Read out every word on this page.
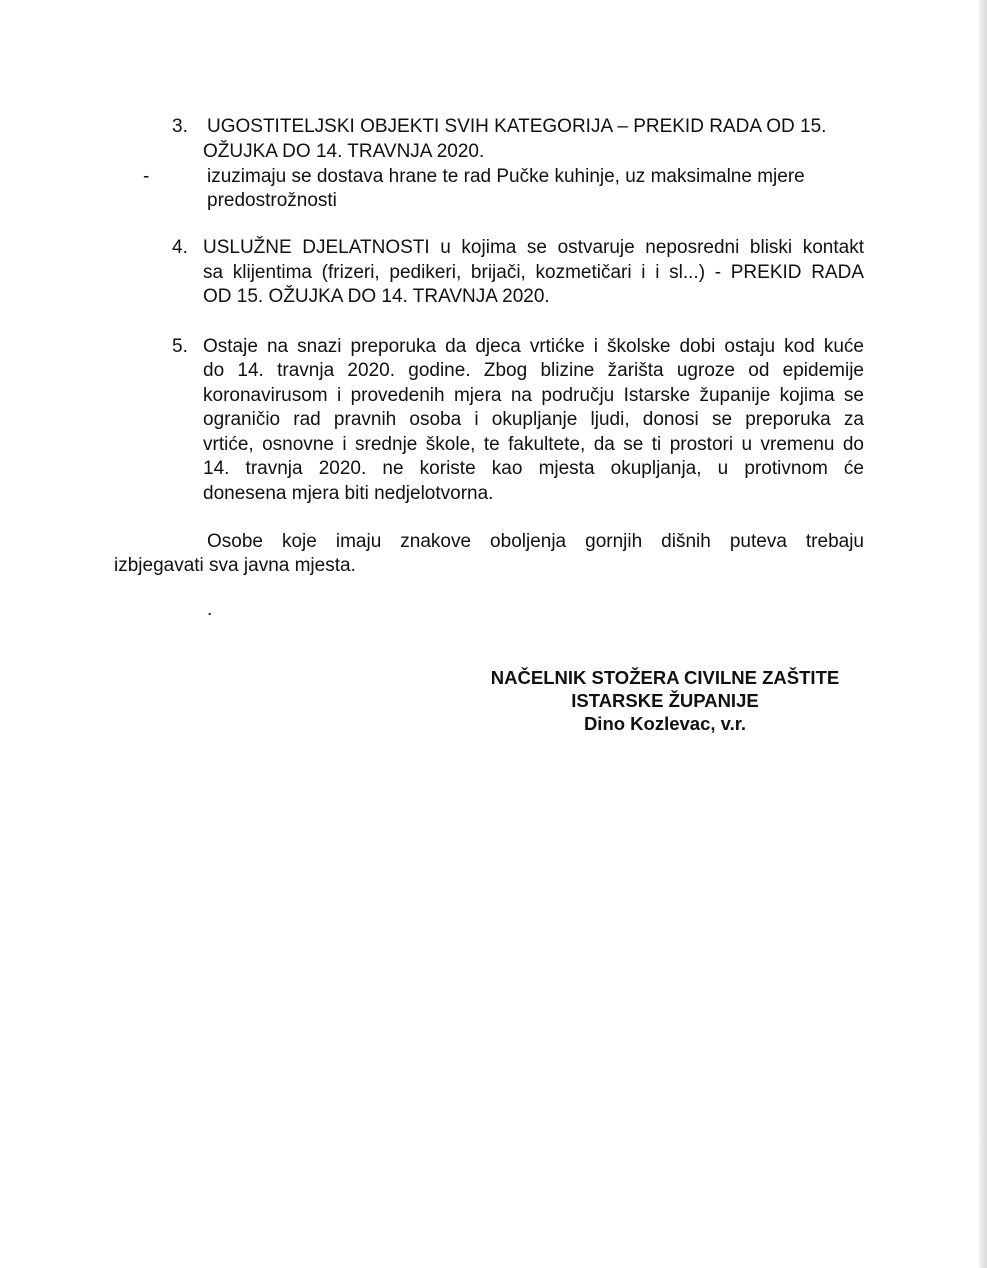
3. UGOSTITELJSKI OBJEKTI SVIH KATEGORIJA – PREKID RADA OD 15.
OŽUJKA DO 14. TRAVNJA 2020.
-	izuzimaju se dostava hrane te rad Pučke kuhinje, uz maksimalne mjere
predostrožnosti
4. USLUŽNE DJELATNOSTI u kojima se ostvaruje neposredni bliski kontakt
sa klijentima (frizeri, pedikeri, brijači, kozmetičari i i sl...) - PREKID RADA
OD 15. OŽUJKA DO 14. TRAVNJA 2020.
5. Ostaje na snazi preporuka da djeca vrtićke i školske dobi ostaju kod kuće
do 14. travnja 2020. godine. Zbog blizine žarišta ugroze od epidemije
koronavirusom i provedenih mjera na području Istarske županije kojima se
ograničio rad pravnih osoba i okupljanje ljudi, donosi se preporuka za
vrtiće, osnovne i srednje škole, te fakultete, da se ti prostori u vremenu do
14. travnja 2020. ne koriste kao mjesta okupljanja, u protivnom će
donesena mjera biti nedjelotvorna.
Osobe koje imaju znakove oboljenja gornjih dišnih puteva trebaju
izbjegavati sva javna mjesta.
.
NAČELNIK STOŽERA CIVILNE ZAŠTITE
ISTARSKE ŽUPANIJE
Dino Kozlevac, v.r.
